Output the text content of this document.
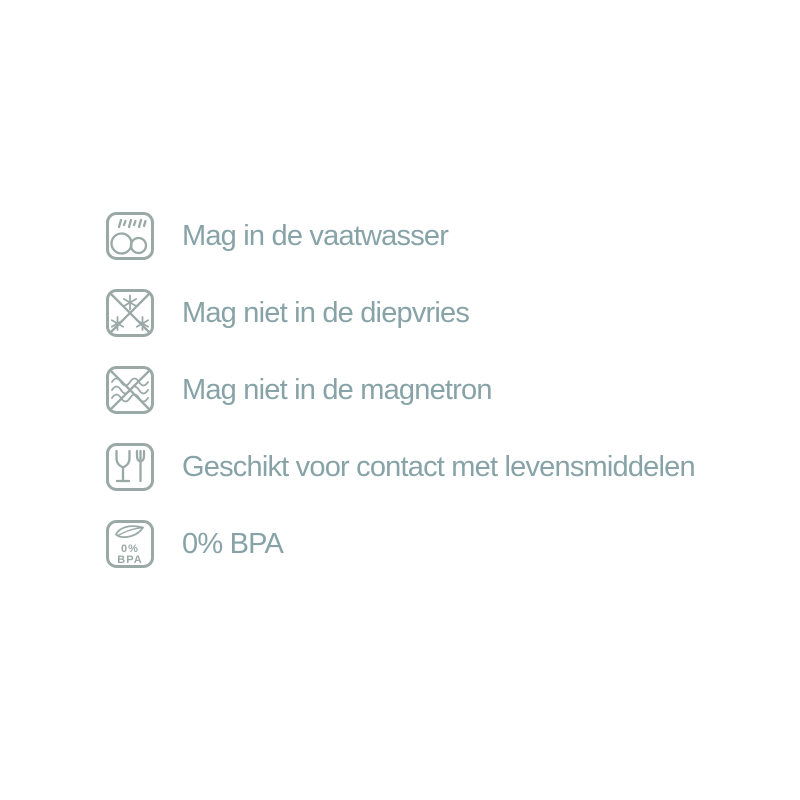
Mag in de vaatwasser
Mag niet in de diepvries
Mag niet in de magnetron
Geschikt voor contact met levensmiddelen
0%
BPA
0% BPA
